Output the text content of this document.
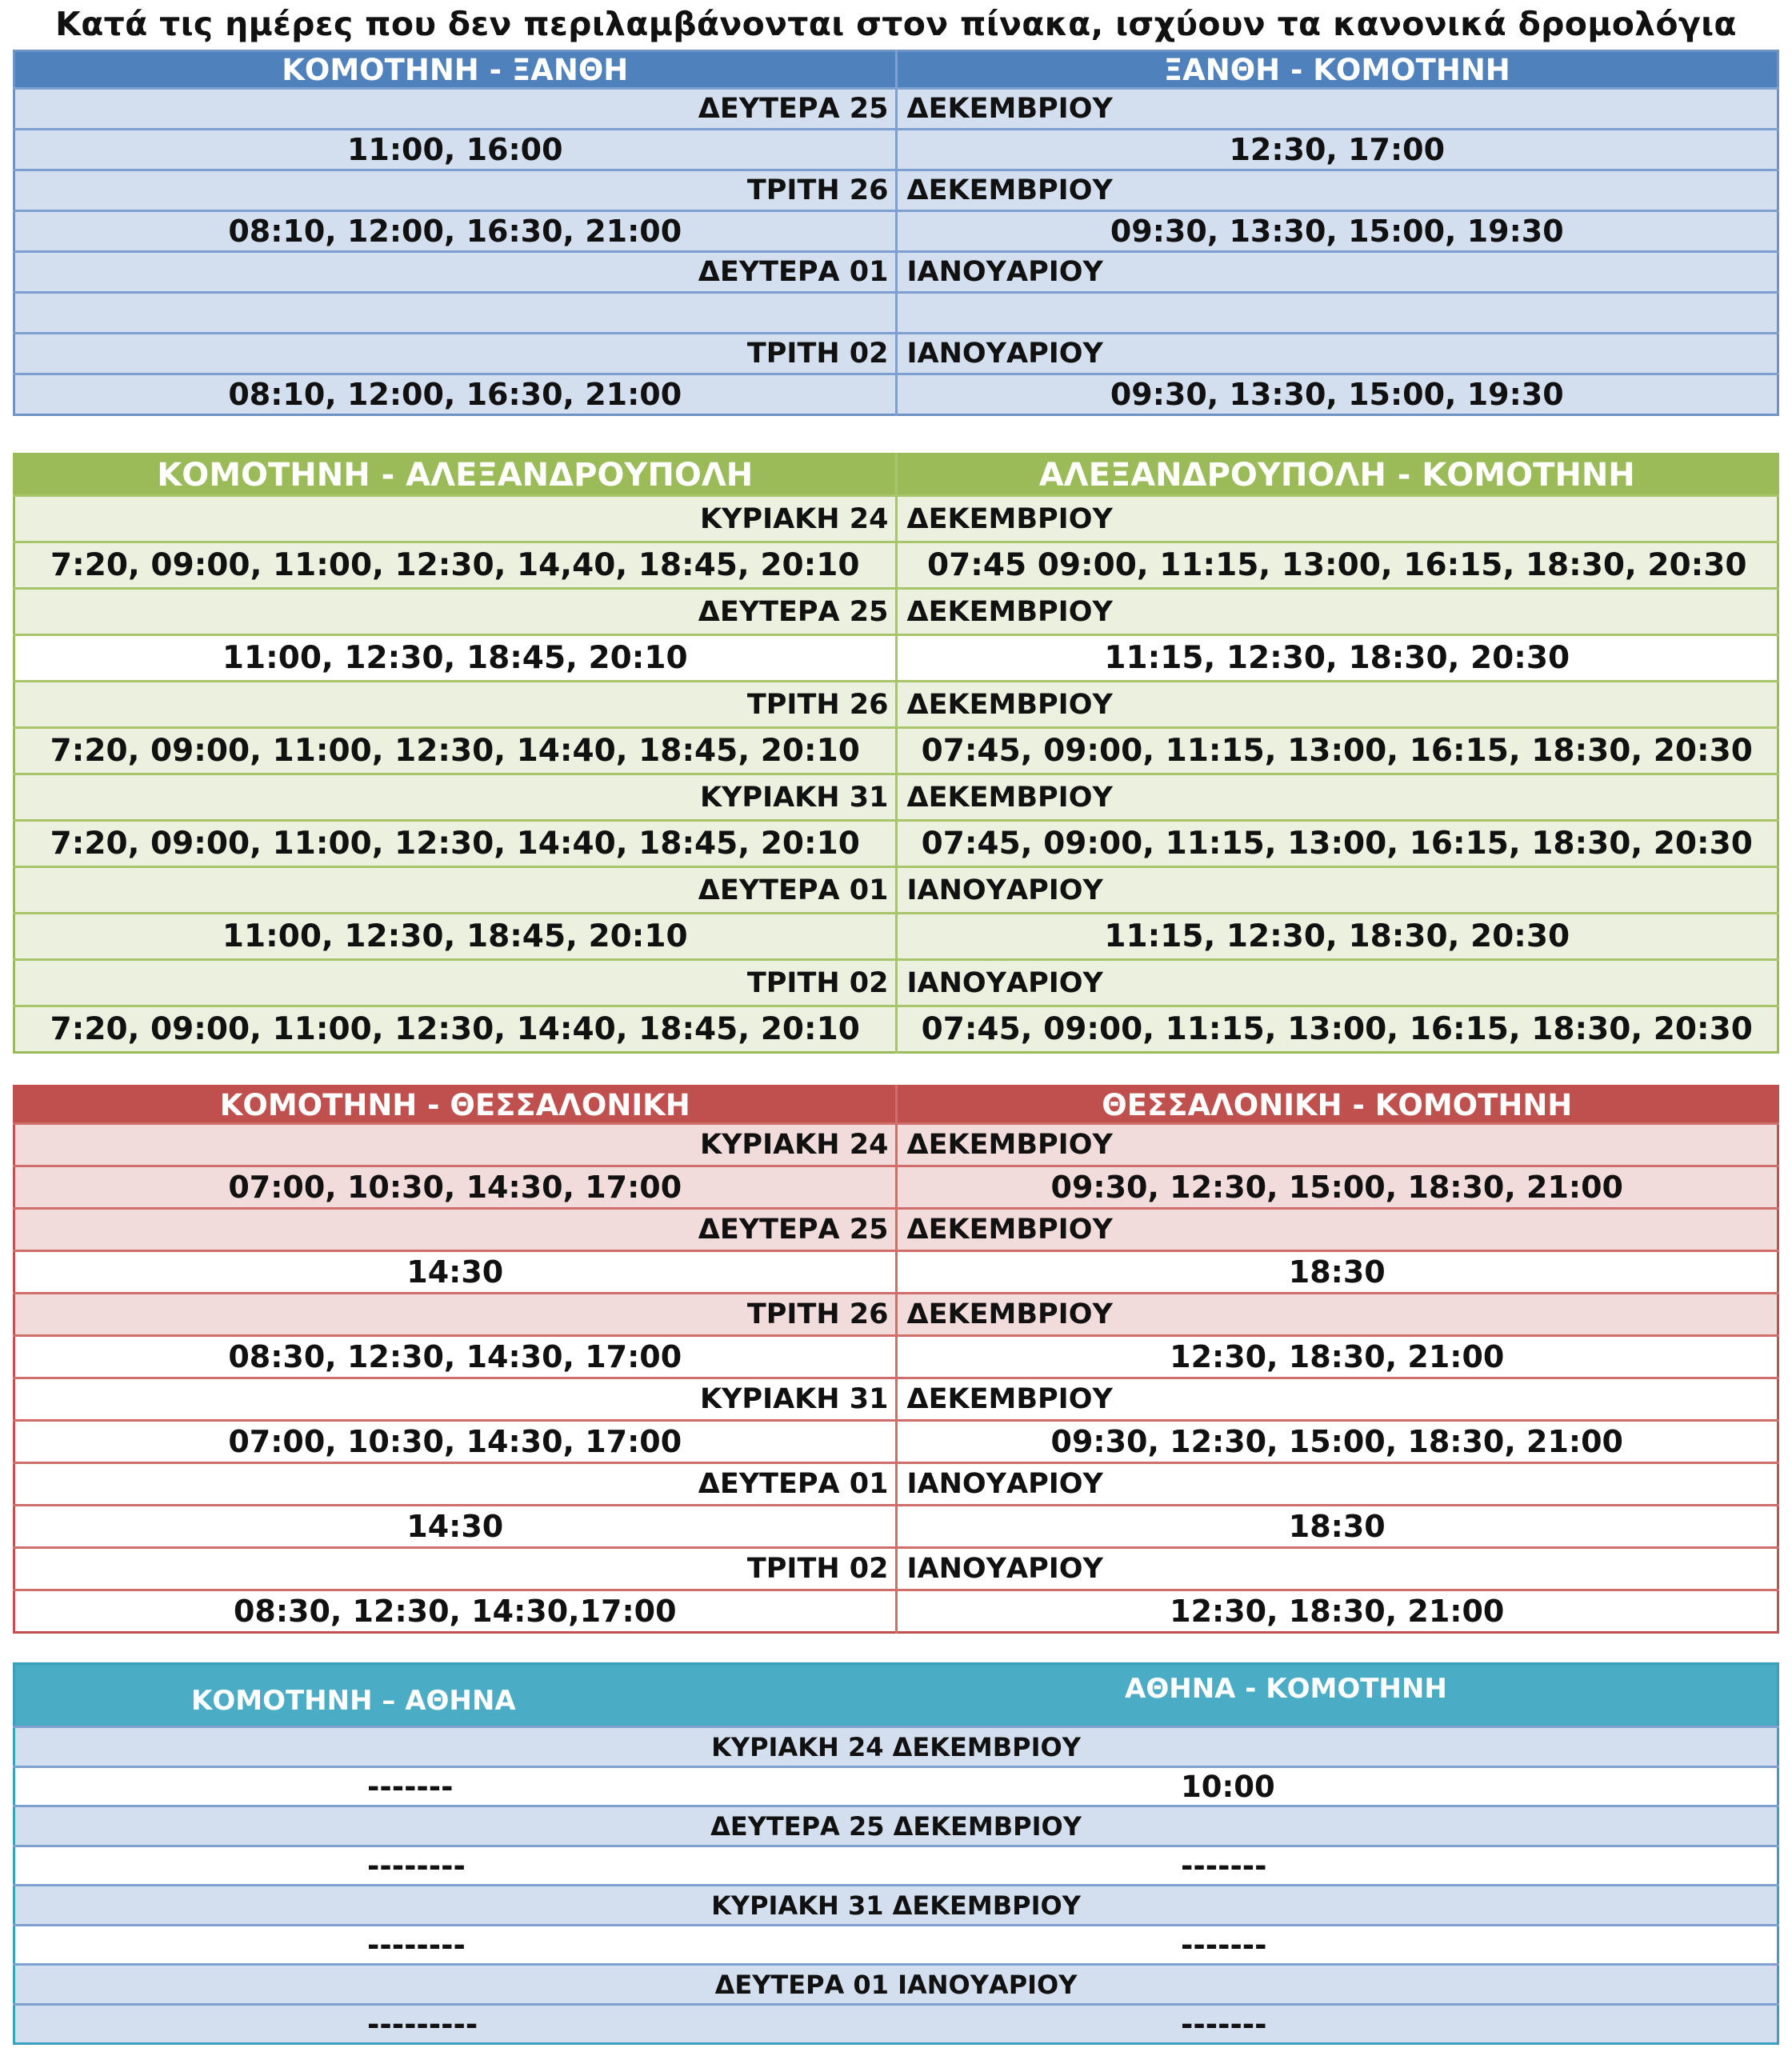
Κατά τις ημέρες που δεν περιλαμβάνονται στον πίνακα, ισχύουν τα κανονικά δρομολόγια
ΚΟΜΟΤΗΝΗ - ΞΑΝΘΗ	ΞΑΝΘΗ - ΚΟΜΟΤΗΝΗ
ΔΕΥΤΕΡΑ 25	ΔΕΚΕΜΒΡΙΟΥ
11:00, 16:00	12:30, 17:00
ΤΡΙΤΗ 26	ΔΕΚΕΜΒΡΙΟΥ
08:10, 12:00, 16:30, 21:00	09:30, 13:30, 15:00, 19:30
ΔΕΥΤΕΡΑ 01	ΙΑΝΟΥΑΡΙΟΥ

ΤΡΙΤΗ 02	ΙΑΝΟΥΑΡΙΟΥ
08:10, 12:00, 16:30, 21:00	09:30, 13:30, 15:00, 19:30
ΚΟΜΟΤΗΝΗ - ΑΛΕΞΑΝΔΡΟΥΠΟΛΗ	ΑΛΕΞΑΝΔΡΟΥΠΟΛΗ - ΚΟΜΟΤΗΝΗ
ΚΥΡΙΑΚΗ 24	ΔΕΚΕΜΒΡΙΟΥ
7:20, 09:00, 11:00, 12:30, 14,40, 18:45, 20:10	07:45 09:00, 11:15, 13:00, 16:15, 18:30, 20:30
ΔΕΥΤΕΡΑ 25	ΔΕΚΕΜΒΡΙΟΥ
11:00, 12:30, 18:45, 20:10	11:15, 12:30, 18:30, 20:30
ΤΡΙΤΗ 26	ΔΕΚΕΜΒΡΙΟΥ
7:20, 09:00, 11:00, 12:30, 14:40, 18:45, 20:10	07:45, 09:00, 11:15, 13:00, 16:15, 18:30, 20:30
ΚΥΡΙΑΚΗ 31	ΔΕΚΕΜΒΡΙΟΥ
7:20, 09:00, 11:00, 12:30, 14:40, 18:45, 20:10	07:45, 09:00, 11:15, 13:00, 16:15, 18:30, 20:30
ΔΕΥΤΕΡΑ 01	ΙΑΝΟΥΑΡΙΟΥ
11:00, 12:30, 18:45, 20:10	11:15, 12:30, 18:30, 20:30
ΤΡΙΤΗ 02	ΙΑΝΟΥΑΡΙΟΥ
7:20, 09:00, 11:00, 12:30, 14:40, 18:45, 20:10	07:45, 09:00, 11:15, 13:00, 16:15, 18:30, 20:30
ΚΟΜΟΤΗΝΗ - ΘΕΣΣΑΛΟΝΙΚΗ	ΘΕΣΣΑΛΟΝΙΚΗ - ΚΟΜΟΤΗΝΗ
ΚΥΡΙΑΚΗ 24	ΔΕΚΕΜΒΡΙΟΥ
07:00, 10:30, 14:30, 17:00	09:30, 12:30, 15:00, 18:30, 21:00
ΔΕΥΤΕΡΑ 25	ΔΕΚΕΜΒΡΙΟΥ
14:30	18:30
ΤΡΙΤΗ 26	ΔΕΚΕΜΒΡΙΟΥ
08:30, 12:30, 14:30, 17:00	12:30, 18:30, 21:00
ΚΥΡΙΑΚΗ 31	ΔΕΚΕΜΒΡΙΟΥ
07:00, 10:30, 14:30, 17:00	09:30, 12:30, 15:00, 18:30, 21:00
ΔΕΥΤΕΡΑ 01	ΙΑΝΟΥΑΡΙΟΥ
14:30	18:30
ΤΡΙΤΗ 02	ΙΑΝΟΥΑΡΙΟΥ
08:30, 12:30, 14:30,17:00	12:30, 18:30, 21:00
ΚΟΜΟΤΗΝΗ – ΑΘΗΝΑ	ΑΘΗΝΑ - ΚΟΜΟΤΗΝΗ
ΚΥΡΙΑΚΗ 24 ΔΕΚΕΜΒΡΙΟΥ	
-------	10:00
ΔΕΥΤΕΡΑ 25 ΔΕΚΕΜΒΡΙΟΥ	
--------	-------
ΚΥΡΙΑΚΗ 31 ΔΕΚΕΜΒΡΙΟΥ	
--------	-------
ΔΕΥΤΕΡΑ 01 ΙΑΝΟΥΑΡΙΟΥ	
---------	-------
